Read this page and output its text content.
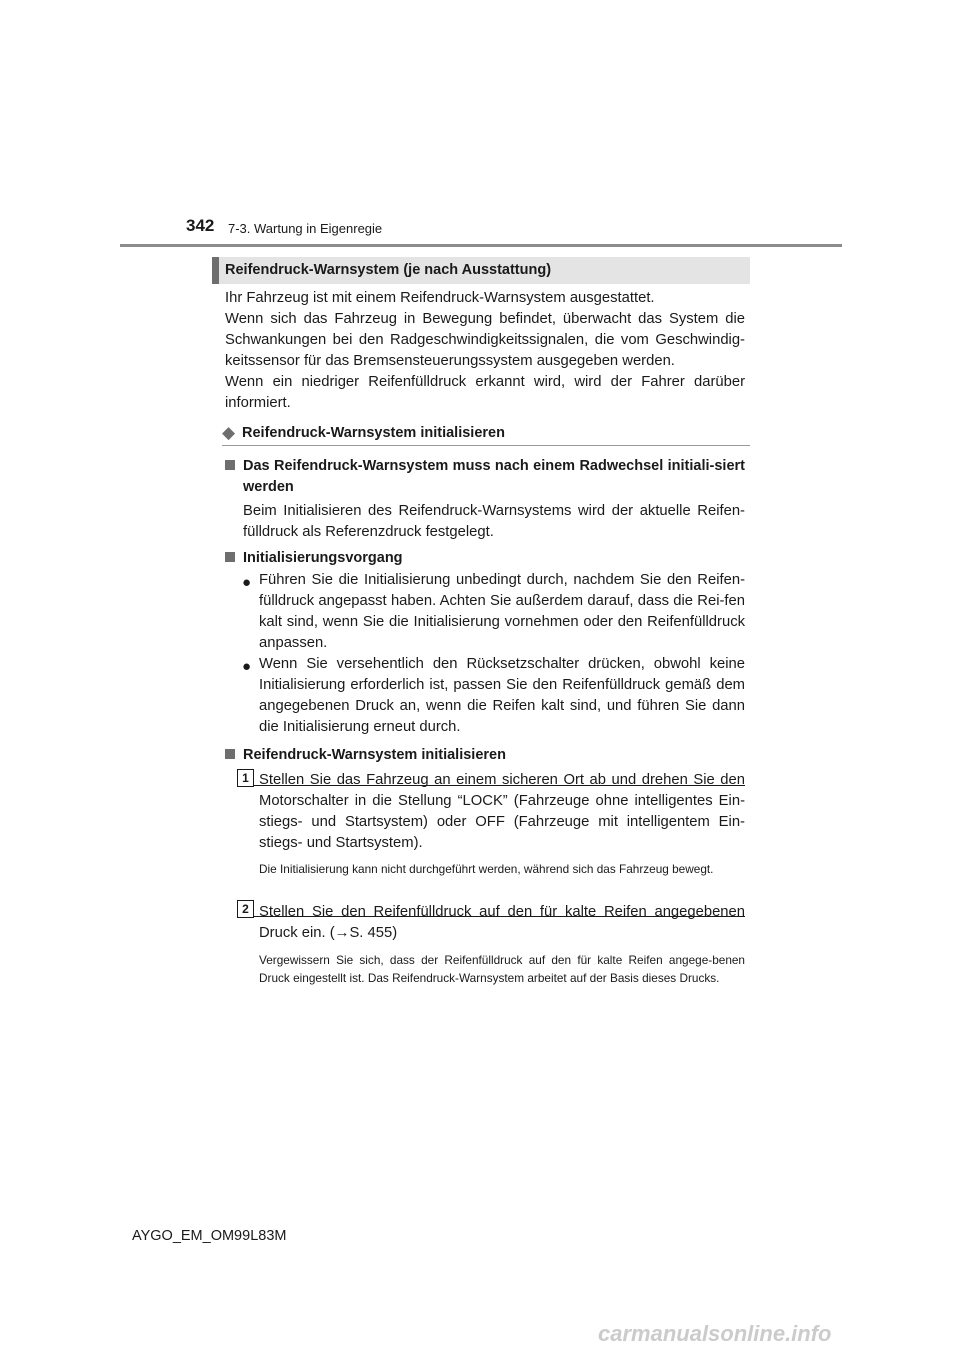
342 7-3. Wartung in Eigenregie
Reifendruck-Warnsystem (je nach Ausstattung)

Ihr Fahrzeug ist mit einem Reifendruck-Warnsystem ausgestattet.

Wenn sich das Fahrzeug in Bewegung befindet, überwacht das System die Schwankungen bei den Radgeschwindigkeitssignalen, die vom Geschwindig-keitssensor für das Bremsensteuerungssystem ausgegeben werden.

Wenn ein niedriger Reifenfülldruck erkannt wird, wird der Fahrer darüber informiert.

◆ Reifendruck-Warnsystem initialisieren
Das Reifendruck-Warnsystem muss nach einem Radwechsel initiali-siert werden
Beim Initialisieren des Reifendruck-Warnsystems wird der aktuelle Reifen-fülldruck als Referenzdruck festgelegt.
Initialisierungsvorgang
● Führen Sie die Initialisierung unbedingt durch, nachdem Sie den Reifen-fülldruck angepasst haben. Achten Sie außerdem darauf, dass die Rei-fen kalt sind, wenn Sie die Initialisierung vornehmen oder den Reifenfülldruck anpassen.
● Wenn Sie versehentlich den Rücksetzschalter drücken, obwohl keine Initialisierung erforderlich ist, passen Sie den Reifenfülldruck gemäß dem angegebenen Druck an, wenn die Reifen kalt sind, und führen Sie dann die Initialisierung erneut durch.
Reifendruck-Warnsystem initialisieren
1 Stellen Sie das Fahrzeug an einem sicheren Ort ab und drehen Sie den Motorschalter in die Stellung “LOCK” (Fahrzeuge ohne intelligentes Ein-stiegs- und Startsystem) oder OFF (Fahrzeuge mit intelligentem Ein-stiegs- und Startsystem).
Die Initialisierung kann nicht durchgeführt werden, während sich das Fahrzeug bewegt.
2 Stellen Sie den Reifenfülldruck auf den für kalte Reifen angegebenen Druck ein. (→S. 455)
Vergewissern Sie sich, dass der Reifenfülldruck auf den für kalte Reifen angege-benen Druck eingestellt ist. Das Reifendruck-Warnsystem arbeitet auf der Basis dieses Drucks.
AYGO_EM_OM99L83M
carmanualsonline.info
